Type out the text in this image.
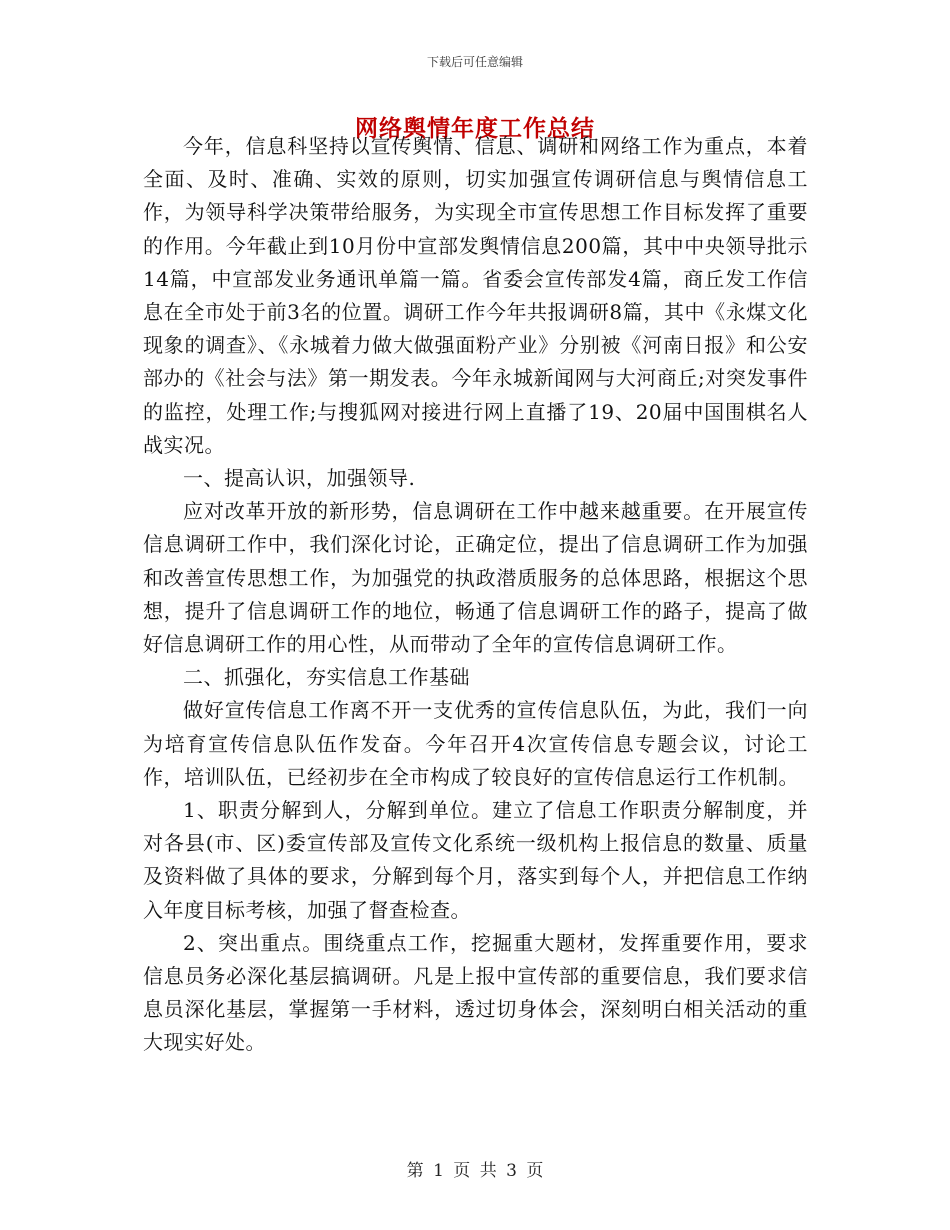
下载后可任意编辑
网络舆情年度工作总结

今年，信息科坚持以宣传舆情、信息、调研和网络工作为重点，本着全面、及时、准确、实效的原则，切实加强宣传调研信息与舆情信息工作，为领导科学决策带给服务，为实现全市宣传思想工作目标发挥了重要的作用。今年截止到10月份中宣部发舆情信息200篇，其中中央领导批示14篇，中宣部发业务通讯单篇一篇。省委会宣传部发4篇，商丘发工作信息在全市处于前3名的位置。调研工作今年共报调研8篇，其中《永煤文化现象的调查》、《永城着力做大做强面粉产业》分别被《河南日报》和公安部办的《社会与法》第一期发表。今年永城新闻网与大河商丘;对突发事件的监控，处理工作;与搜狐网对接进行网上直播了19、20届中国围棋名人战实况。

一、提高认识，加强领导.

应对改革开放的新形势，信息调研在工作中越来越重要。在开展宣传信息调研工作中，我们深化讨论，正确定位，提出了信息调研工作为加强和改善宣传思想工作，为加强党的执政潜质服务的总体思路，根据这个思想，提升了信息调研工作的地位，畅通了信息调研工作的路子，提高了做好信息调研工作的用心性，从而带动了全年的宣传信息调研工作。

二、抓强化，夯实信息工作基础

做好宣传信息工作离不开一支优秀的宣传信息队伍，为此，我们一向为培育宣传信息队伍作发奋。今年召开4次宣传信息专题会议，讨论工作，培训队伍，已经初步在全市构成了较良好的宣传信息运行工作机制。

1、职责分解到人，分解到单位。建立了信息工作职责分解制度，并对各县(市、区)委宣传部及宣传文化系统一级机构上报信息的数量、质量及资料做了具体的要求，分解到每个月，落实到每个人，并把信息工作纳入年度目标考核，加强了督查检查。

2、突出重点。围绕重点工作，挖掘重大题材，发挥重要作用，要求信息员务必深化基层搞调研。凡是上报中宣传部的重要信息，我们要求信息员深化基层，掌握第一手材料，透过切身体会，深刻明白相关活动的重大现实好处。

第 1 页 共 3 页
